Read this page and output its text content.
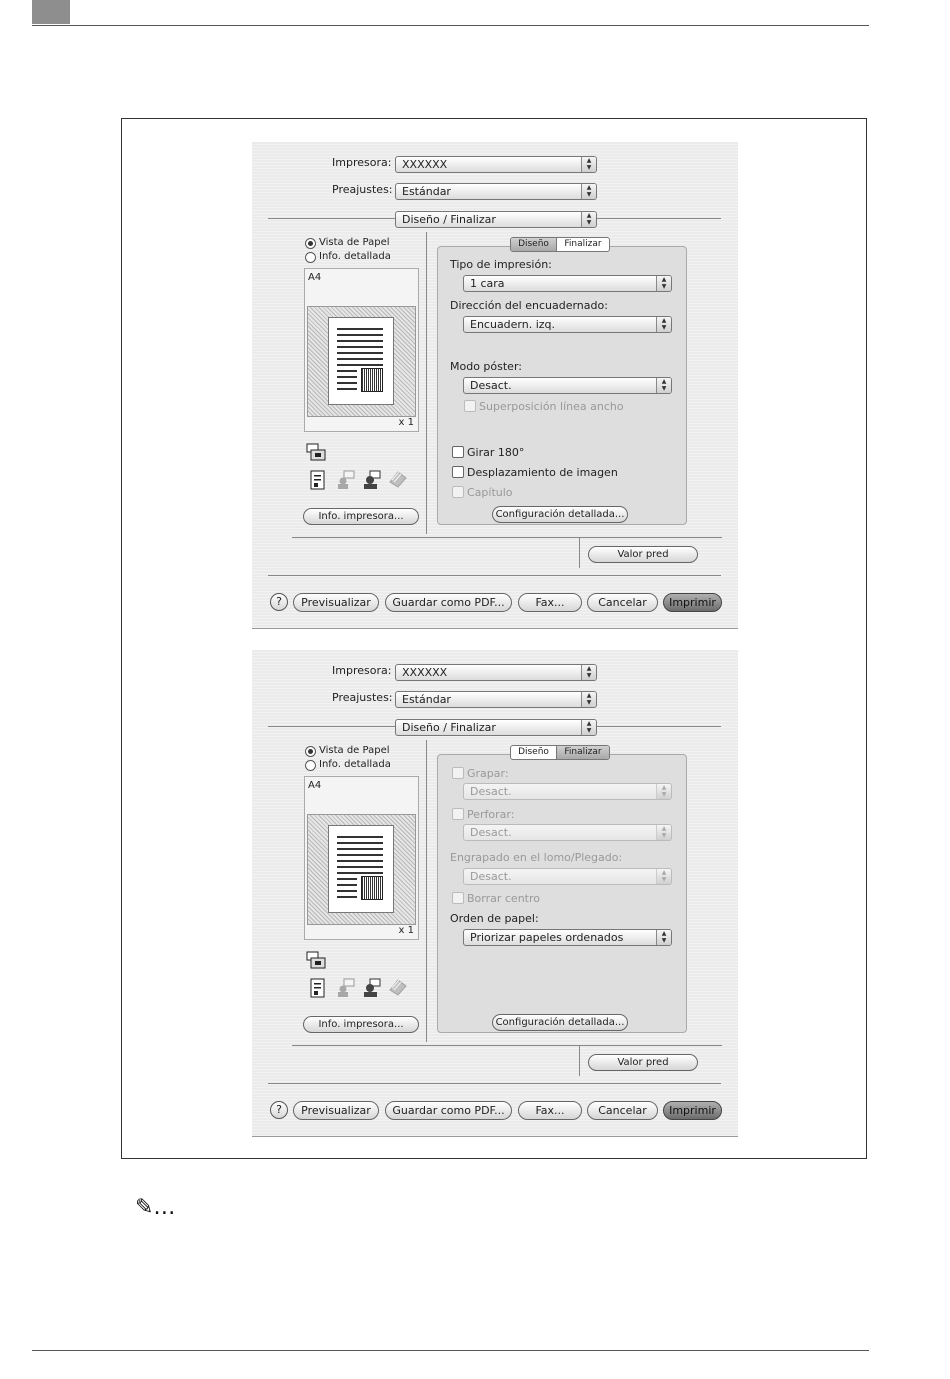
Impresora: XXXXXX	▲
▼
Preajustes: Estándar	▲
▼
Diseño / Finalizar	▲
▼
Vista de Papel
Info. detallada
A4
x 1
Info. impresora...
Diseño	Finalizar
Tipo de impresión:
1 cara	▲
▼
Dirección del encuadernado:
Encuadern. izq.	▲
▼
Modo póster:
Desact.	▲
▼
Superposición línea ancho
Girar 180°
Desplazamiento de imagen
Capítulo
Configuración detallada...
Valor pred
?	Previsualizar	Guardar como PDF...	Fax...	Cancelar	Imprimir
Impresora: XXXXXX	▲
▼
Preajustes: Estándar	▲
▼
Diseño / Finalizar	▲
▼
Vista de Papel
Info. detallada
A4
x 1
Info. impresora...
Diseño	Finalizar
Grapar:
Desact.	▲
▼
Perforar:
Desact.	▲
▼
Engrapado en el lomo/Plegado:
Desact.	▲
▼
Borrar centro
Orden de papel:
Priorizar papeles ordenados	▲
▼
Configuración detallada...
Valor pred
?	Previsualizar	Guardar como PDF...	Fax...	Cancelar	Imprimir
✎…
